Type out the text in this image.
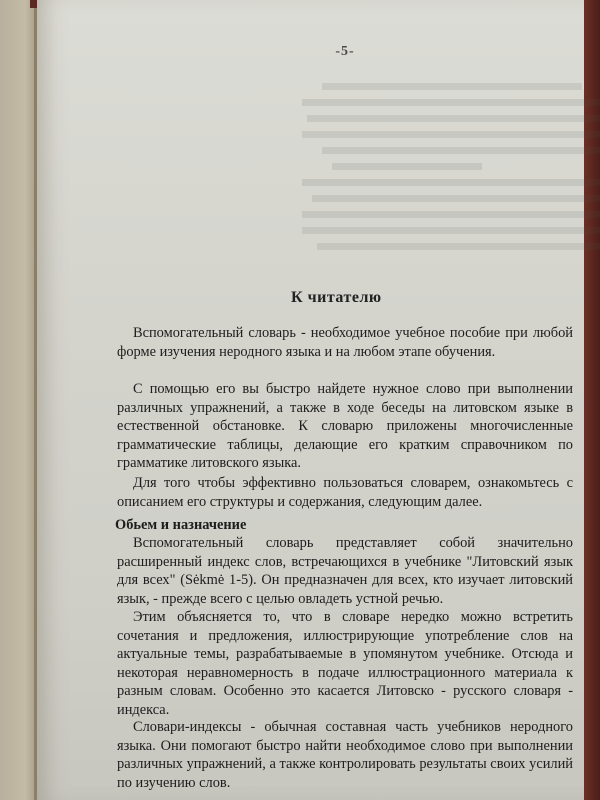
-5-
К читателю
Вспомогательный словарь - необходимое учебное пособие при любой форме изучения неродного языка и на любом этапе обучения.
С помощью его вы быстро найдете нужное слово при выполнении различных упражнений, а также в ходе беседы на литовском языке в естественной обстановке. К словарю приложены многочисленные грамматические таблицы, делающие его кратким справочником по грамматике литовского языка.
Для того чтобы эффективно пользоваться словарем, ознакомьтесь с описанием его структуры и содержания, следующим далее.
Обьем и назначение
Вспомогательный словарь представляет собой значительно расширенный индекс слов, встречающихся в учебнике "Литовский язык для всех" (Sėkmė 1-5). Он предназначен для всех, кто изучает литовский язык, - прежде всего с целью овладеть устной речью.
Этим объясняется то, что в словаре нередко можно встретить сочетания и предложения, иллюстрирующие употребление слов на актуальные темы, разрабатываемые в упомянутом учебнике. Отсюда и некоторая неравномерность в подаче иллюстрационного материала к разным словам. Особенно это касается Литовско - русского словаря - индекса.
Словари-индексы - обычная составная часть учебников неродного языка. Они помогают быстро найти необходимое слово при выполнении различных упражнений, а также контролировать результаты своих усилий по изучению слов.
